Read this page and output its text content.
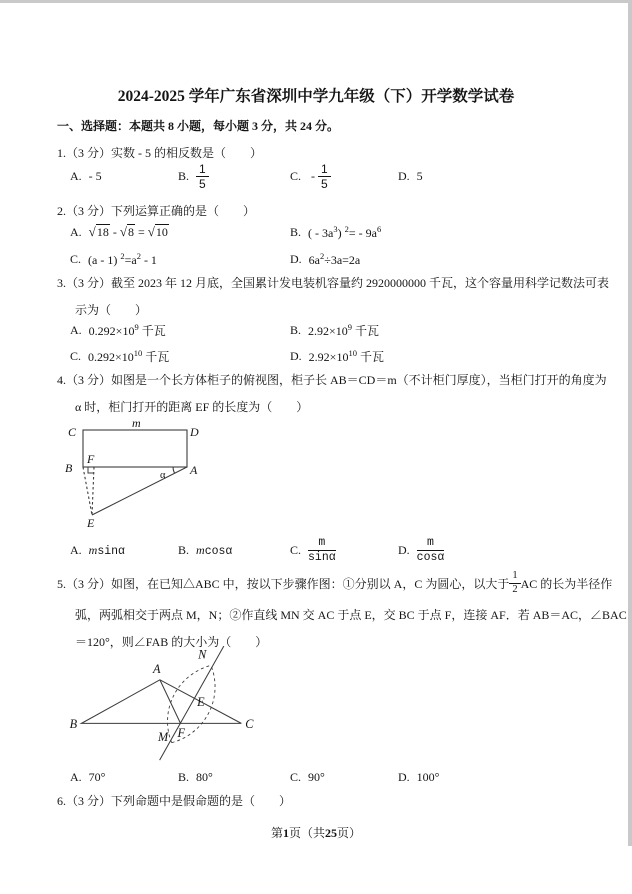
2024-2025 学年广东省深圳中学九年级（下）开学数学试卷
一、选择题：本题共 8 小题，每小题 3 分，共 24 分。
1.（3 分）实数 - 5 的相反数是（　　）
A. - 5	B. $\frac{1}{5}$	C. - $\frac{1}{5}$	D. 5
2.（3 分）下列运算正确的是（　　）
A. √18 - √8 = √10	B. ( - $3a^3$) $^2= - 9a^6$
C. (a - 1) $^2=a^2 - 1$	D. $6a^2\div 3a=2a$
3.（3 分）截至 2023 年 12 月底，全国累计发电装机容量约 2920000000 千瓦，这个容量用科学记数法可表
示为（　　）
A. $0.292\times 10^9$ 千瓦	B. $2.92\times 10^9$ 千瓦
C. $0.292\times 10^{10}$ 千瓦	D. $2.92\times 10^{10}$ 千瓦
4.（3 分）如图是一个长方体柜子的俯视图，柜子长 AB＝CD＝m（不计柜门厚度），当柜门打开的角度为
α 时，柜门打开的距离 EF 的长度为（　　）
C
m
D
B
F
A
α
E
A. msinα	B. mcosα	C. $\frac{m}{\sin\alpha}$	D. $\frac{m}{\cos\alpha}$
5.（3 分）如图，在已知△ABC 中，按以下步骤作图：①分别以 A，C 为圆心，以大于 $\frac{1}{2}$ AC 的长为半径作
弧，两弧相交于两点 M，N；②作直线 MN 交 AC 于点 E，交 BC 于点 F，连接 AF．若 AB＝AC，∠BAC
＝120°，则∠FAB 的大小为（　　）
A
B	C
E
F
M
N
A. 70°	B. 80°	C. 90°	D. 100°
6.（3 分）下列命题中是假命题的是（　　）
第1页（共25页）
